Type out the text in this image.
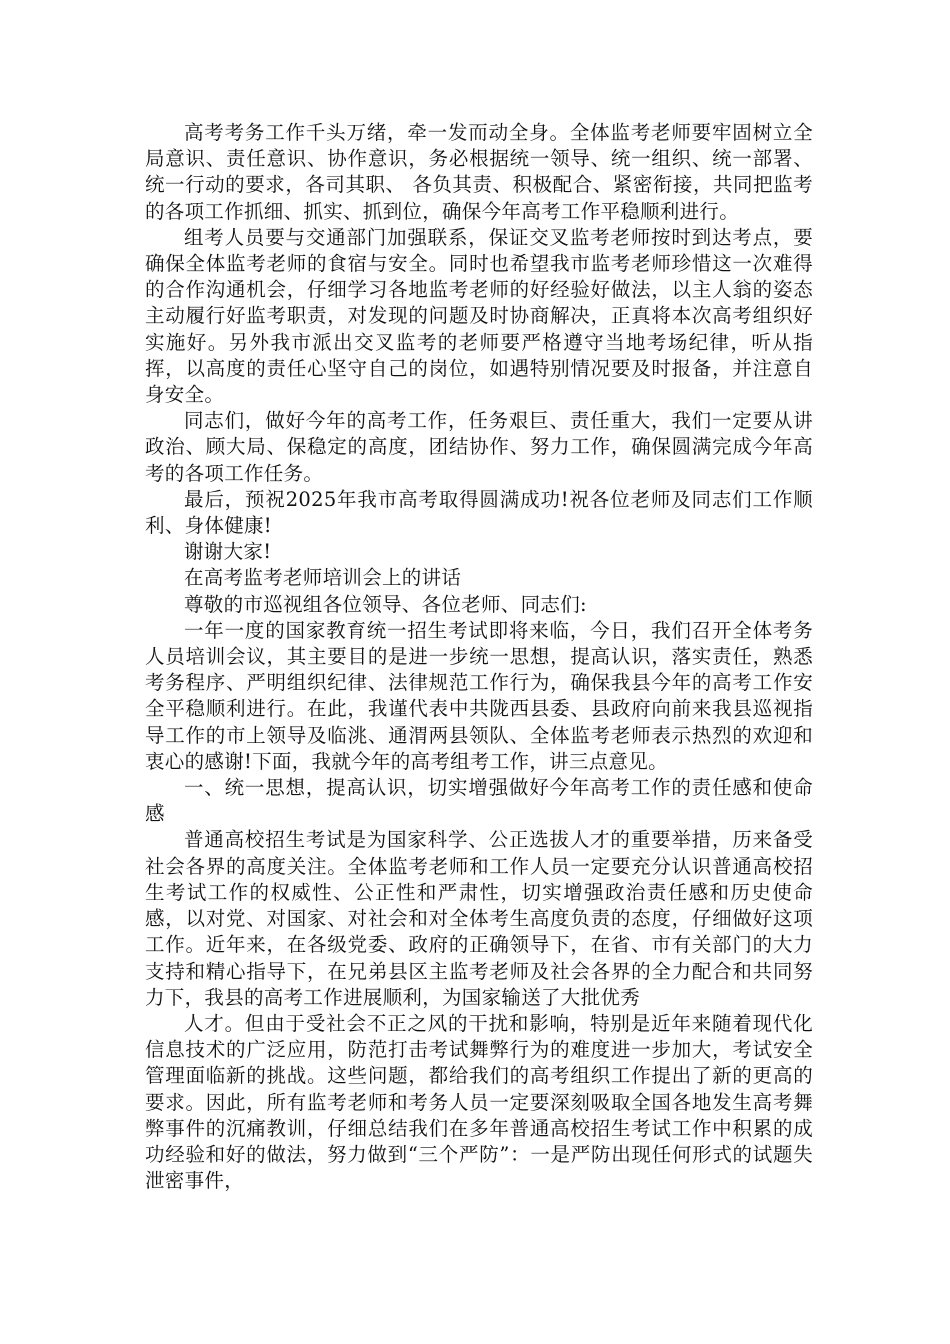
高考考务工作千头万绪，牵一发而动全身。全体监考老师要牢固树立全局意识、责任意识、协作意识，务必根据统一领导、统一组织、统一部署、统一行动的要求，各司其职、 各负其责、积极配合、紧密衔接，共同把监考的各项工作抓细、抓实、抓到位，确保今年高考工作平稳顺利进行。

组考人员要与交通部门加强联系，保证交叉监考老师按时到达考点，要确保全体监考老师的食宿与安全。同时也希望我市监考老师珍惜这一次难得的合作沟通机会，仔细学习各地监考老师的好经验好做法，以主人翁的姿态主动履行好监考职责，对发现的问题及时协商解决，正真将本次高考组织好实施好。另外我市派出交叉监考的老师要严格遵守当地考场纪律，听从指挥，以高度的责任心坚守自己的岗位，如遇特别情况要及时报备，并注意自身安全。

同志们，做好今年的高考工作，任务艰巨、责任重大，我们一定要从讲政治、顾大局、保稳定的高度，团结协作、努力工作，确保圆满完成今年高考的各项工作任务。

最后，预祝2025年我市高考取得圆满成功!祝各位老师及同志们工作顺利、身体健康!

谢谢大家!

在高考监考老师培训会上的讲话

尊敬的市巡视组各位领导、各位老师、同志们:

一年一度的国家教育统一招生考试即将来临，今日，我们召开全体考务人员培训会议，其主要目的是进一步统一思想，提高认识，落实责任，熟悉考务程序、严明组织纪律、法律规范工作行为，确保我县今年的高考工作安全平稳顺利进行。在此，我谨代表中共陇西县委、县政府向前来我县巡视指导工作的市上领导及临洮、通渭两县领队、全体监考老师表示热烈的欢迎和衷心的感谢!下面，我就今年的高考组考工作，讲三点意见。

一、统一思想，提高认识，切实增强做好今年高考工作的责任感和使命感

普通高校招生考试是为国家科学、公正选拔人才的重要举措，历来备受社会各界的高度关注。全体监考老师和工作人员一定要充分认识普通高校招生考试工作的权威性、公正性和严肃性，切实增强政治责任感和历史使命感，以对党、对国家、对社会和对全体考生高度负责的态度，仔细做好这项工作。近年来，在各级党委、政府的正确领导下，在省、市有关部门的大力支持和精心指导下，在兄弟县区主监考老师及社会各界的全力配合和共同努力下，我县的高考工作进展顺利，为国家输送了大批优秀

人才。但由于受社会不正之风的干扰和影响，特别是近年来随着现代化信息技术的广泛应用，防范打击考试舞弊行为的难度进一步加大，考试安全管理面临新的挑战。这些问题，都给我们的高考组织工作提出了新的更高的要求。因此，所有监考老师和考务人员一定要深刻吸取全国各地发生高考舞弊事件的沉痛教训，仔细总结我们在多年普通高校招生考试工作中积累的成功经验和好的做法，努力做到“三个严防”：一是严防出现任何形式的试题失泄密事件，
